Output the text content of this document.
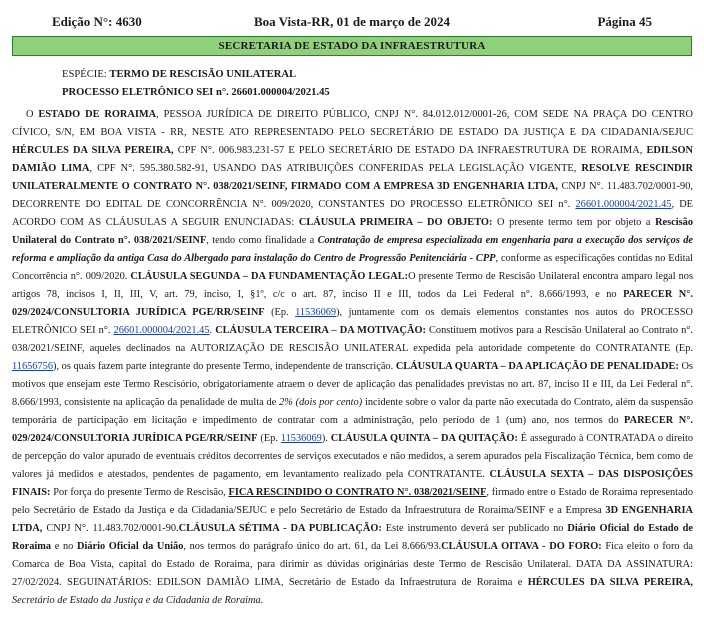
Edição N°: 4630	Boa Vista-RR, 01 de março de 2024	Página 45
SECRETARIA DE ESTADO DA INFRAESTRUTURA
ESPÉCIE: TERMO DE RESCISÃO UNILATERAL
PROCESSO ELETRÔNICO SEI n°. 26601.000004/2021.45
O ESTADO DE RORAIMA, PESSOA JURÍDICA DE DIREITO PÚBLICO, CNPJ N°. 84.012.012/0001-26, COM SEDE NA PRAÇA DO CENTRO CÍVICO, S/N, EM BOA VISTA - RR, NESTE ATO REPRESENTADO PELO SECRETÁRIO DE ESTADO DA JUSTIÇA E DA CIDADANIA/SEJUC HÉRCULES DA SILVA PEREIRA, CPF N°. 006.983.231-57 E PELO SECRETÁRIO DE ESTADO DA INFRAESTRUTURA DE RORAIMA, EDILSON DAMIÃO LIMA, CPF N°. 595.380.582-91, USANDO DAS ATRIBUIÇÕES CONFERIDAS PELA LEGISLAÇÃO VIGENTE, RESOLVE RESCINDIR UNILATERALMENTE O CONTRATO N°. 038/2021/SEINF, FIRMADO COM A EMPRESA 3D ENGENHARIA LTDA, CNPJ N°. 11.483.702/0001-90, DECORRENTE DO EDITAL DE CONCORRÊNCIA N°. 009/2020, CONSTANTES DO PROCESSO ELETRÔNICO SEI n°. 26601.000004/2021.45, DE ACORDO COM AS CLÁUSULAS A SEGUIR ENUNCIADAS: CLÁUSULA PRIMEIRA – DO OBJETO: O presente termo tem por objeto a Rescisão Unilateral do Contrato n°. 038/2021/SEINF, tendo como finalidade a Contratação de empresa especializada em engenharia para a execução dos serviços de reforma e ampliação da antiga Casa do Albergado para instalação do Centro de Progressão Penitenciária - CPP, conforme as especificações contidas no Edital Concorrência n°. 009/2020. CLÁUSULA SEGUNDA – DA FUNDAMENTAÇÃO LEGAL:O presente Termo de Rescisão Unilateral encontra amparo legal nos artigos 78, incisos I, II, III, V, art. 79, inciso, I, §1º, c/c o art. 87, inciso II e III, todos da Lei Federal n°. 8.666/1993, e no PARECER N°. 029/2024/CONSULTORIA JURÍDICA PGE/RR/SEINF (Ep. 11536069), juntamente com os demais elementos constantes nos autos do PROCESSO ELETRÔNICO SEI n°. 26601.000004/2021.45. CLÁUSULA TERCEIRA – DA MOTIVAÇÃO: Constituem motivos para a Rescisão Unilateral ao Contrato n°. 038/2021/SEINF, aqueles declinados na AUTORIZAÇÃO DE RESCISÃO UNILATERAL expedida pela autoridade competente do CONTRATANTE (Ep. 11656756), os quais fazem parte integrante do presente Termo, independente de transcrição. CLÁUSULA QUARTA – DA APLICAÇÃO DE PENALIDADE: Os motivos que ensejam este Termo Rescisório, obrigatoriamente atraem o dever de aplicação das penalidades previstas no art. 87, inciso II e III, da Lei Federal n°. 8.666/1993, consistente na aplicação da penalidade de multa de 2% (dois por cento) incidente sobre o valor da parte não executada do Contrato, além da suspensão temporária de participação em licitação e impedimento de contratar com a administração, pelo período de 1 (um) ano, nos termos do PARECER N°. 029/2024/CONSULTORIA JURÍDICA PGE/RR/SEINF (Ep. 11536069). CLÁUSULA QUINTA – DA QUITAÇÃO: É assegurado à CONTRATADA o direito de percepção do valor apurado de eventuais créditos decorrentes de serviços executados e não medidos, a serem apurados pela Fiscalização Técnica, bem como de valores já medidos e atestados, pendentes de pagamento, em levantamento realizado pela CONTRATANTE. CLÁUSULA SEXTA – DAS DISPOSIÇÕES FINAIS: Por força do presente Termo de Rescisão, FICA RESCINDIDO O CONTRATO N°. 038/2021/SEINF, firmado entre o Estado de Roraima representado pelo Secretário de Estado da Justiça e da Cidadania/SEJUC e pelo Secretário de Estado da Infraestrutura de Roraima/SEINF e a Empresa 3D ENGENHARIA LTDA, CNPJ N°. 11.483.702/0001-90.CLÁUSULA SÉTIMA - DA PUBLICAÇÃO: Este instrumento deverá ser publicado no Diário Oficial do Estado de Roraima e no Diário Oficial da União, nos termos do parágrafo único do art. 61, da Lei 8.666/93.CLÁUSULA OITAVA - DO FORO: Fica eleito o foro da Comarca de Boa Vista, capital do Estado de Roraima, para dirimir as dúvidas originárias deste Termo de Rescisão Unilateral. DATA DA ASSINATURA: 27/02/2024. SEGUINATÁRIOS: EDILSON DAMIÃO LIMA, Secretário de Estado da Infraestrutura de Roraima e HÉRCULES DA SILVA PEREIRA, Secretário de Estado da Justiça e da Cidadania de Roraima.
